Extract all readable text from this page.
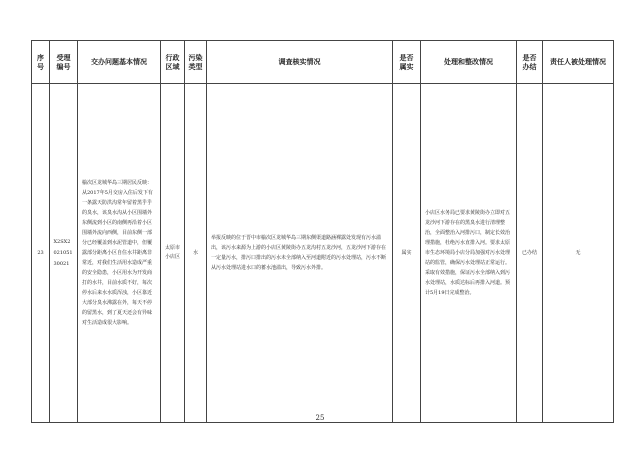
序号	受理编号	交办问题基本情况	行政区域	污染类型	调查核实情况	是否属实	处理和整改情况	是否办结	责任人被处理情况
23	X2SX202105130021	榆次区龙城华岛三期居民反映：从2017年5月交房入住后发下有一条露天防洪沟常年留着黑乎乎的臭水，该臭水沟从小区围墙外东侧流到小区的南侧再沿着小区围墙外流向西侧，目前东侧一部分已经覆盖到水泥管道中，但覆露部分距离小区自住水井距离非常近，对我们生活用水造成严重的安全隐患，小区用水为开发商打的水井，目前水质不好，每次停水后来水水质浑浊，小区靠近大部分臭水沸露在外，每天不停的留黑水，到了夏天还会有异味对生活造成很大影响。	太原市小店区	水	举报反映的位于晋中市榆次区龙城华岛三期东侧渠道路涵裸露处发现有污水溢出，该污水来源为上游的小店区黄陵街办五龙沟村五龙沙河，五龙沙河下游存在一定量污水，排污口排出的污水未全部纳入至河道附近的污水处理站，污水不断从污水处理站进水口的蓄水池溢出，导致污水外排。	属实	小店区水务局已要求黄陵街办立即对五龙沙河下游存在的黑臭水进行清理整治，全面整治入河排污口，制定长效治理措施，杜绝污水直排入河。要求太原市生态环境局小店分局加强对污水处理站的监管，确保污水处理站正常运行。采取有效措施，保证污水全部纳入到污水处理站，水质达标后再排入河道。预计5月19日完成整治。	已办结	无
25
